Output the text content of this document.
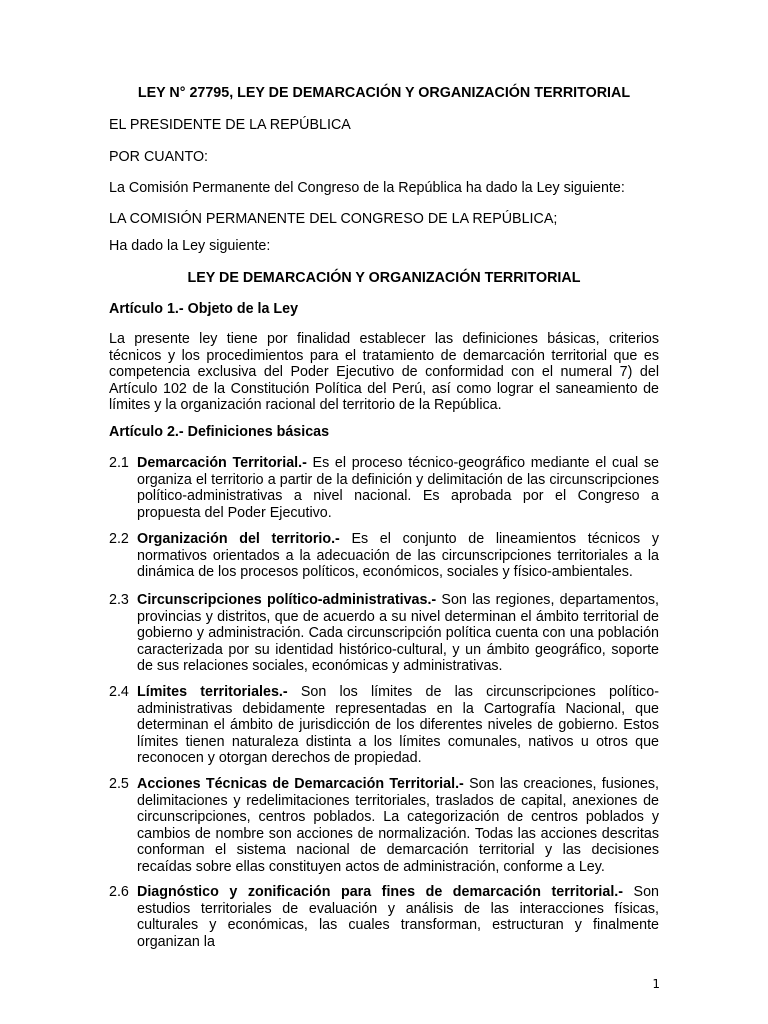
LEY N° 27795, LEY DE DEMARCACIÓN Y ORGANIZACIÓN TERRITORIAL
EL PRESIDENTE DE LA REPÚBLICA
POR CUANTO:
La Comisión Permanente del Congreso de la República ha dado la Ley siguiente:
LA COMISIÓN PERMANENTE DEL CONGRESO DE LA REPÚBLICA;
Ha dado la Ley siguiente:
LEY DE DEMARCACIÓN Y ORGANIZACIÓN TERRITORIAL
Artículo 1.- Objeto de la Ley
La presente ley tiene por finalidad establecer las definiciones básicas, criterios técnicos y los procedimientos para el tratamiento de demarcación territorial que es competencia exclusiva del Poder Ejecutivo de conformidad con el numeral 7) del Artículo 102 de la Constitución Política del Perú, así como lograr el saneamiento de límites y la organización racional del territorio de la República.
Artículo 2.- Definiciones básicas
2.1 Demarcación Territorial.- Es el proceso técnico-geográfico mediante el cual se organiza el territorio a partir de la definición y delimitación de las circunscripciones político-administrativas a nivel nacional. Es aprobada por el Congreso a propuesta del Poder Ejecutivo.
2.2 Organización del territorio.- Es el conjunto de lineamientos técnicos y normativos orientados a la adecuación de las circunscripciones territoriales a la dinámica de los procesos políticos, económicos, sociales y físico-ambientales.
2.3 Circunscripciones político-administrativas.- Son las regiones, departamentos, provincias y distritos, que de acuerdo a su nivel determinan el ámbito territorial de gobierno y administración. Cada circunscripción política cuenta con una población caracterizada por su identidad histórico-cultural, y un ámbito geográfico, soporte de sus relaciones sociales, económicas y administrativas.
2.4 Límites territoriales.- Son los límites de las circunscripciones político-administrativas debidamente representadas en la Cartografía Nacional, que determinan el ámbito de jurisdicción de los diferentes niveles de gobierno. Estos límites tienen naturaleza distinta a los límites comunales, nativos u otros que reconocen y otorgan derechos de propiedad.
2.5 Acciones Técnicas de Demarcación Territorial.- Son las creaciones, fusiones, delimitaciones y redelimitaciones territoriales, traslados de capital, anexiones de circunscripciones, centros poblados. La categorización de centros poblados y cambios de nombre son acciones de normalización. Todas las acciones descritas conforman el sistema nacional de demarcación territorial y las decisiones recaídas sobre ellas constituyen actos de administración, conforme a Ley.
2.6 Diagnóstico y zonificación para fines de demarcación territorial.- Son estudios territoriales de evaluación y análisis de las interacciones físicas, culturales y económicas, las cuales transforman, estructuran y finalmente organizan la
1
